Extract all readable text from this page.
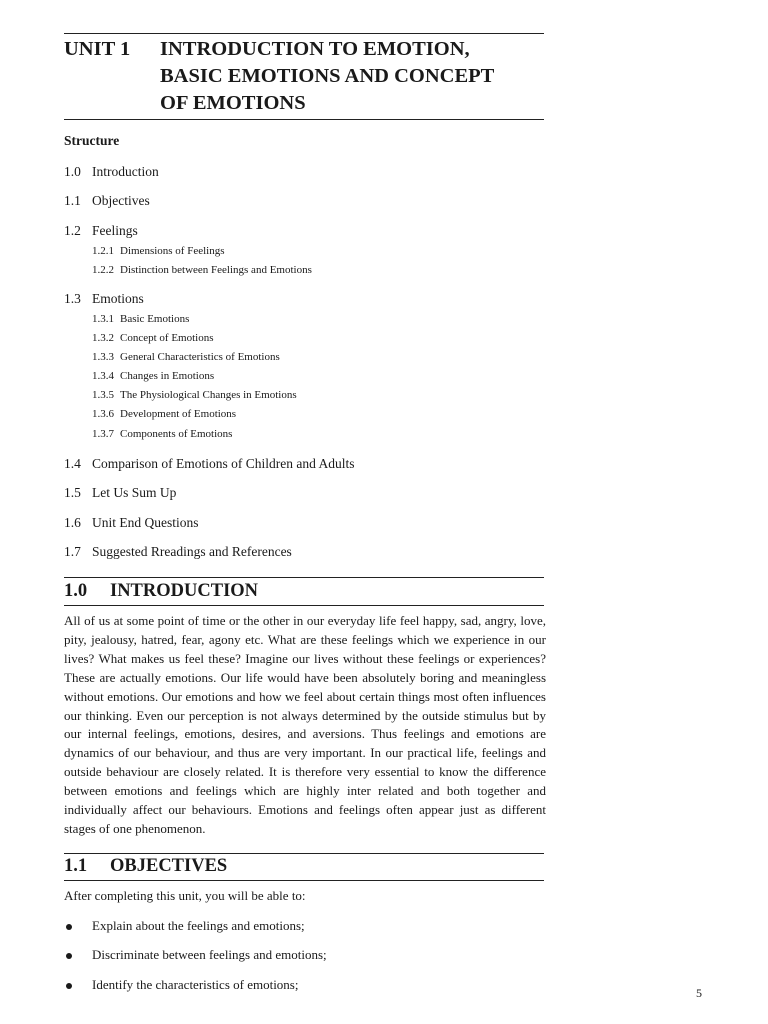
UNIT 1 INTRODUCTION TO EMOTION,
BASIC EMOTIONS AND CONCEPT
OF EMOTIONS
Structure
1.0 Introduction
1.1 Objectives
1.2 Feelings
1.2.1 Dimensions of Feelings
1.2.2 Distinction between Feelings and Emotions
1.3 Emotions
1.3.1 Basic Emotions
1.3.2 Concept of Emotions
1.3.3 General Characteristics of Emotions
1.3.4 Changes in Emotions
1.3.5 The Physiological Changes in Emotions
1.3.6 Development of Emotions
1.3.7 Components of Emotions
1.4 Comparison of Emotions of Children and Adults
1.5 Let Us Sum Up
1.6 Unit End Questions
1.7 Suggested Rreadings and References
1.0 INTRODUCTION

All of us at some point of time or the other in our everyday life feel happy, sad, angry, love, pity, jealousy, hatred, fear, agony etc. What are these feelings which we experience in our lives? What makes us feel these? Imagine our lives without these feelings or experiences? These are actually emotions. Our life would have been absolutely boring and meaningless without emotions. Our emotions and how we feel about certain things most often influences our thinking. Even our perception is not always determined by the outside stimulus but by our internal feelings, emotions, desires, and aversions. Thus feelings and emotions are dynamics of our behaviour, and thus are very important. In our practical life, feelings and outside behaviour are closely related. It is therefore very essential to know the difference between emotions and feelings which are highly inter related and both together and individually affect our behaviours. Emotions and feelings often appear just as different stages of one phenomenon.

1.1 OBJECTIVES
After completing this unit, you will be able to:
Explain about the feelings and emotions;
Discriminate between feelings and emotions;
Identify the characteristics of emotions;
5
